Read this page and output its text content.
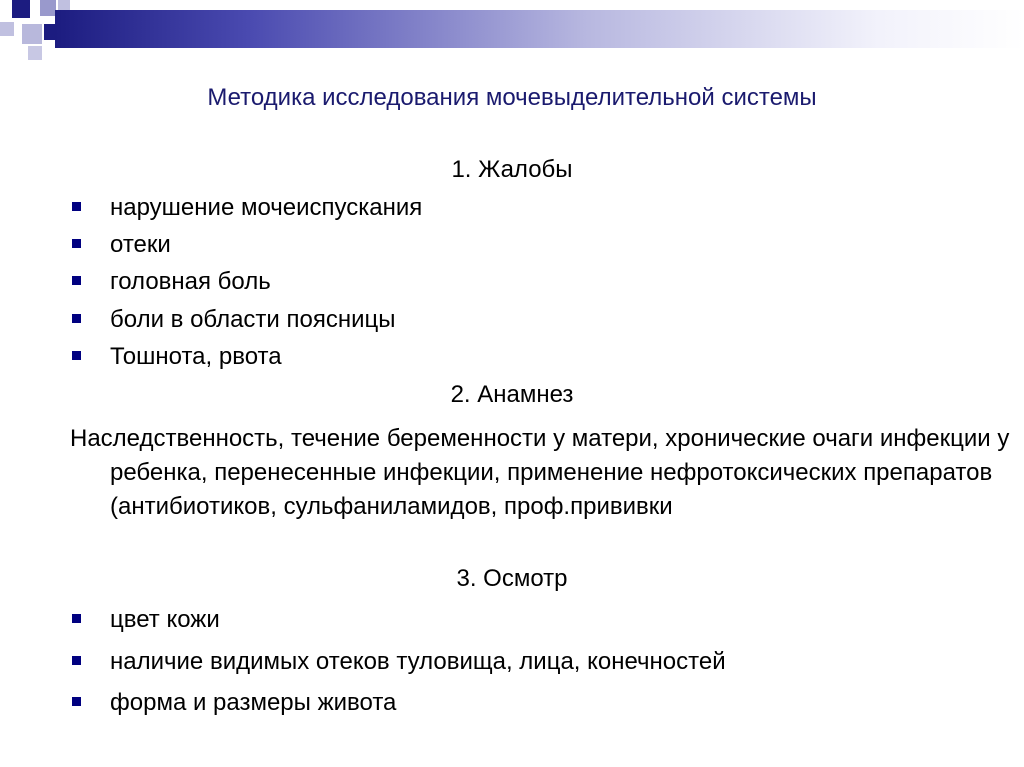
Методика исследования мочевыделительной системы
1. Жалобы
нарушение мочеиспускания
отеки
головная боль
боли в области поясницы
Тошнота, рвота
2. Анамнез
Наследственность, течение беременности у матери, хронические очаги инфекции у ребенка, перенесенные инфекции, применение нефротоксических препаратов (антибиотиков, сульфаниламидов, проф.прививки
3. Осмотр
цвет кожи
наличие видимых отеков туловища, лица, конечностей
форма и размеры живота
